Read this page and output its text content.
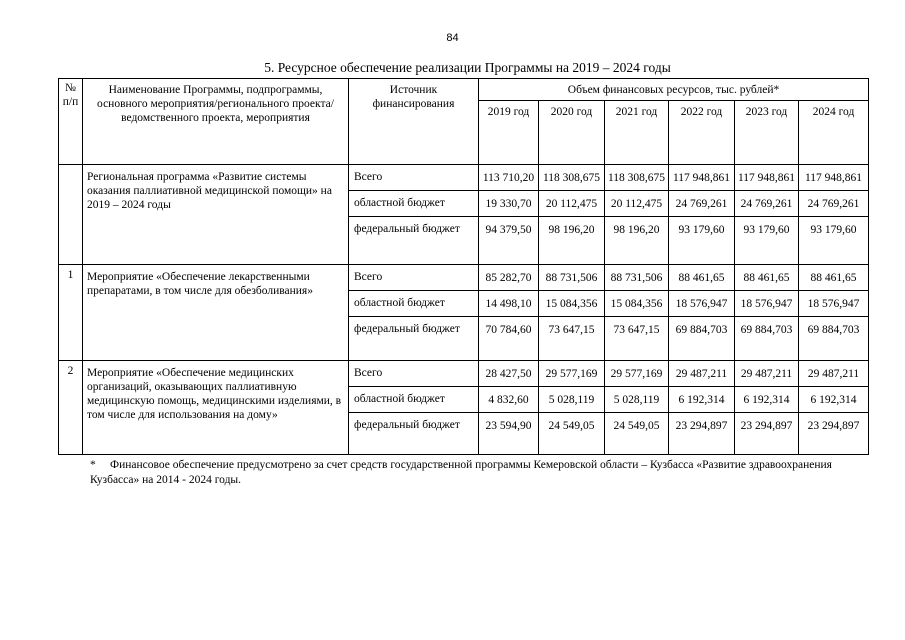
84
5. Ресурсное обеспечение реализации Программы на 2019 – 2024 годы
№ п/п	Наименование Программы, подпрограммы, основного мероприятия/регионального проекта/ ведомственного проекта, мероприятия	Источник финансирования	Объем финансовых ресурсов, тыс. рублей*					
			2019 год	2020 год	2021 год	2022 год	2023 год	2024 год
	Региональная программа «Развитие системы оказания паллиативной медицинской помощи» на 2019 – 2024 годы	Всего	113 710,20	118 308,675	118 308,675	117 948,861	117 948,861	117 948,861
		областной бюджет	19 330,70	20 112,475	20 112,475	24 769,261	24 769,261	24 769,261
		федеральный бюджет	94 379,50	98 196,20	98 196,20	93 179,60	93 179,60	93 179,60
1	Мероприятие «Обеспечение лекарственными препаратами, в том числе для обезболивания»	Всего	85 282,70	88 731,506	88 731,506	88 461,65	88 461,65	88 461,65
		областной бюджет	14 498,10	15 084,356	15 084,356	18 576,947	18 576,947	18 576,947
		федеральный бюджет	70 784,60	73 647,15	73 647,15	69 884,703	69 884,703	69 884,703
2	Мероприятие «Обеспечение медицинских организаций, оказывающих паллиативную медицинскую помощь, медицинскими изделиями, в том числе для использования на дому»	Всего	28 427,50	29 577,169	29 577,169	29 487,211	29 487,211	29 487,211
		областной бюджет	4 832,60	5 028,119	5 028,119	6 192,314	6 192,314	6 192,314
		федеральный бюджет	23 594,90	24 549,05	24 549,05	23 294,897	23 294,897	23 294,897
* Финансовое обеспечение предусмотрено за счет средств государственной программы Кемеровской области – Кузбасса «Развитие здравоохранения Кузбасса» на 2014 - 2024 годы.
